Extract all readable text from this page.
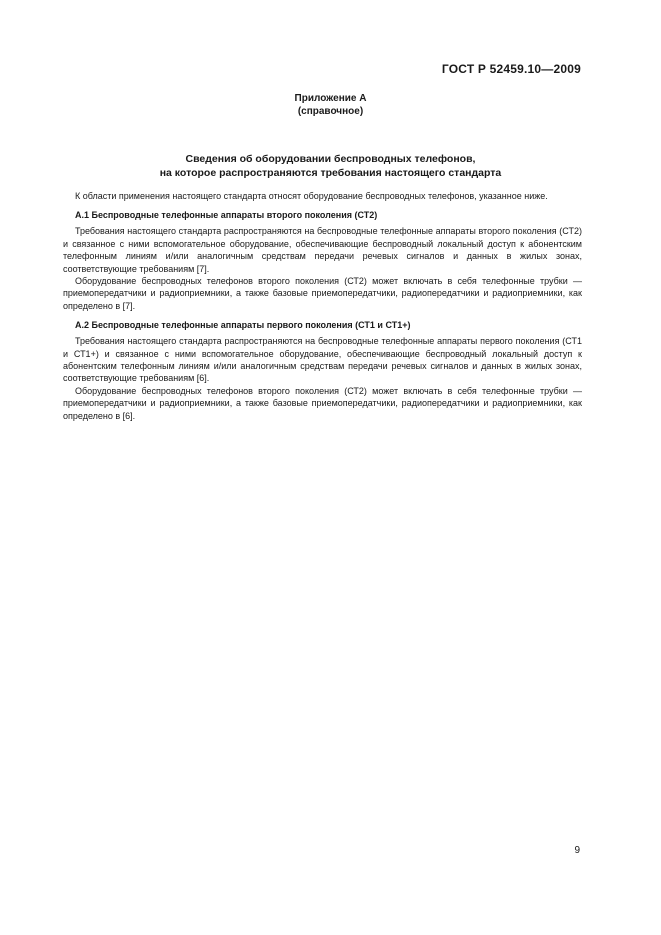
ГОСТ Р 52459.10—2009
Приложение А
(справочное)
Сведения об оборудовании беспроводных телефонов,
на которое распространяются требования настоящего стандарта

К области применения настоящего стандарта относят оборудование беспроводных телефонов, указанное ниже.

А.1 Беспроводные телефонные аппараты второго поколения (СТ2)

Требования настоящего стандарта распространяются на беспроводные телефонные аппараты второго поколения (СТ2) и связанное с ними вспомогательное оборудование, обеспечивающие беспроводный локальный доступ к абонентским телефонным линиям и/или аналогичным средствам передачи речевых сигналов и данных в жилых зонах, соответствующие требованиям [7].

Оборудование беспроводных телефонов второго поколения (СТ2) может включать в себя телефонные трубки — приемопередатчики и радиоприемники, а также базовые приемопередатчики, радиопередатчики и радиоприемники, как определено в [7].

А.2 Беспроводные телефонные аппараты первого поколения (СТ1 и СТ1+)

Требования настоящего стандарта распространяются на беспроводные телефонные аппараты первого поколения (СТ1 и СТ1+) и связанное с ними вспомогательное оборудование, обеспечивающие беспроводный локальный доступ к абонентским телефонным линиям и/или аналогичным средствам передачи речевых сигналов и данных в жилых зонах, соответствующие требованиям [6].

Оборудование беспроводных телефонов второго поколения (СТ2) может включать в себя телефонные трубки — приемопередатчики и радиоприемники, а также базовые приемопередатчики, радиопередатчики и радиоприемники, как определено в [6].

9
